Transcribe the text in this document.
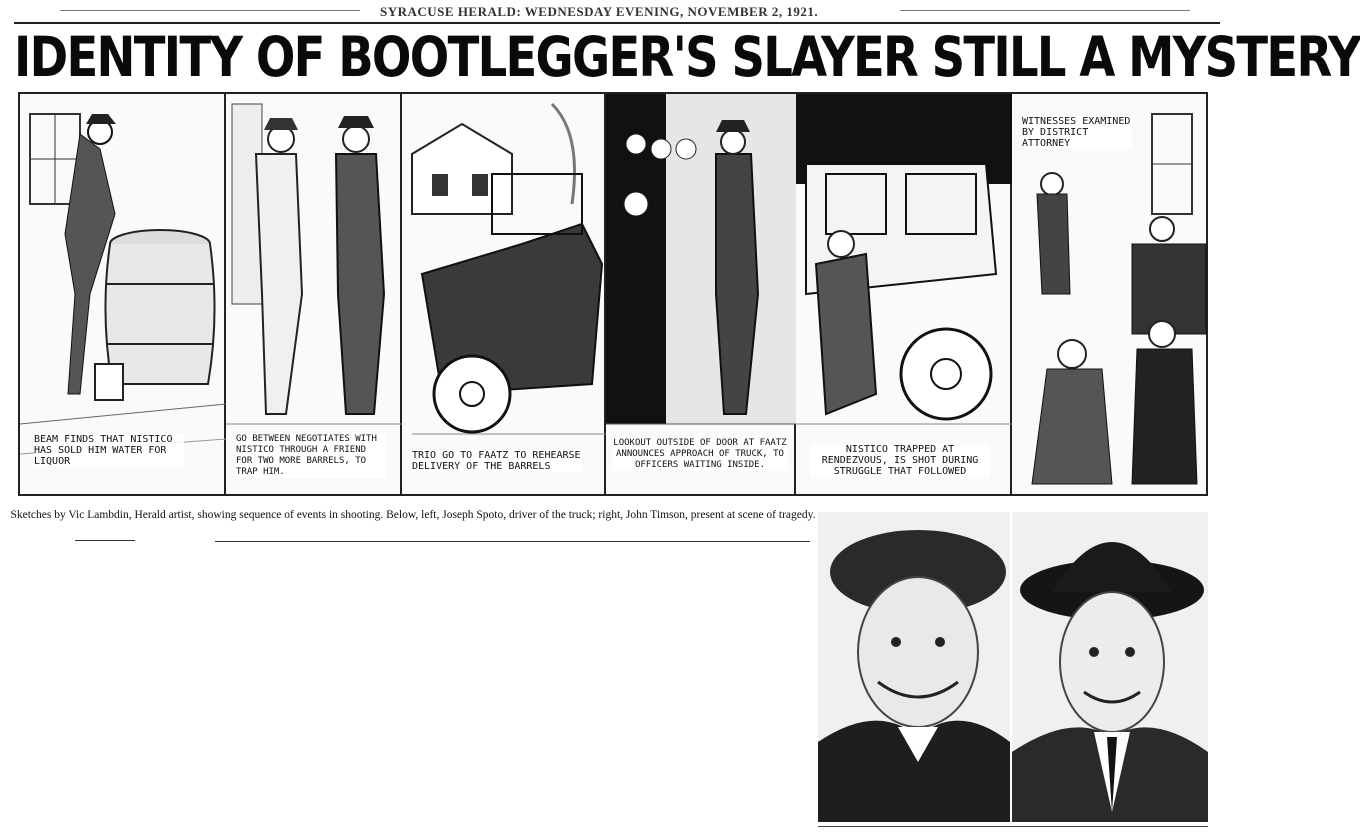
SYRACUSE HERALD: WEDNESDAY EVENING, NOVEMBER 2, 1921.
IDENTITY OF BOOTLEGGER'S SLAYER STILL A MYSTERY
BEAM FINDS THAT NISTICO HAS SOLD HIM WATER FOR LIQUOR
GO BETWEEN NEGOTIATES WITH NISTICO THROUGH A FRIEND FOR TWO MORE BARRELS, TO TRAP HIM.
TRIO GO TO FAATZ TO REHEARSE DELIVERY OF THE BARRELS
LOOKOUT OUTSIDE OF DOOR AT FAATZ ANNOUNCES APPROACH OF TRUCK, TO OFFICERS WAITING INSIDE.
NISTICO TRAPPED AT RENDEZVOUS, IS SHOT DURING STRUGGLE THAT FOLLOWED
WITNESSES EXAMINED BY DISTRICT ATTORNEY
Sketches by Vic Lambdin, Herald artist, showing sequence of events in shooting. Below, left, Joseph Spoto, driver of the truck; right, John Timson, present at scene of tragedy.
